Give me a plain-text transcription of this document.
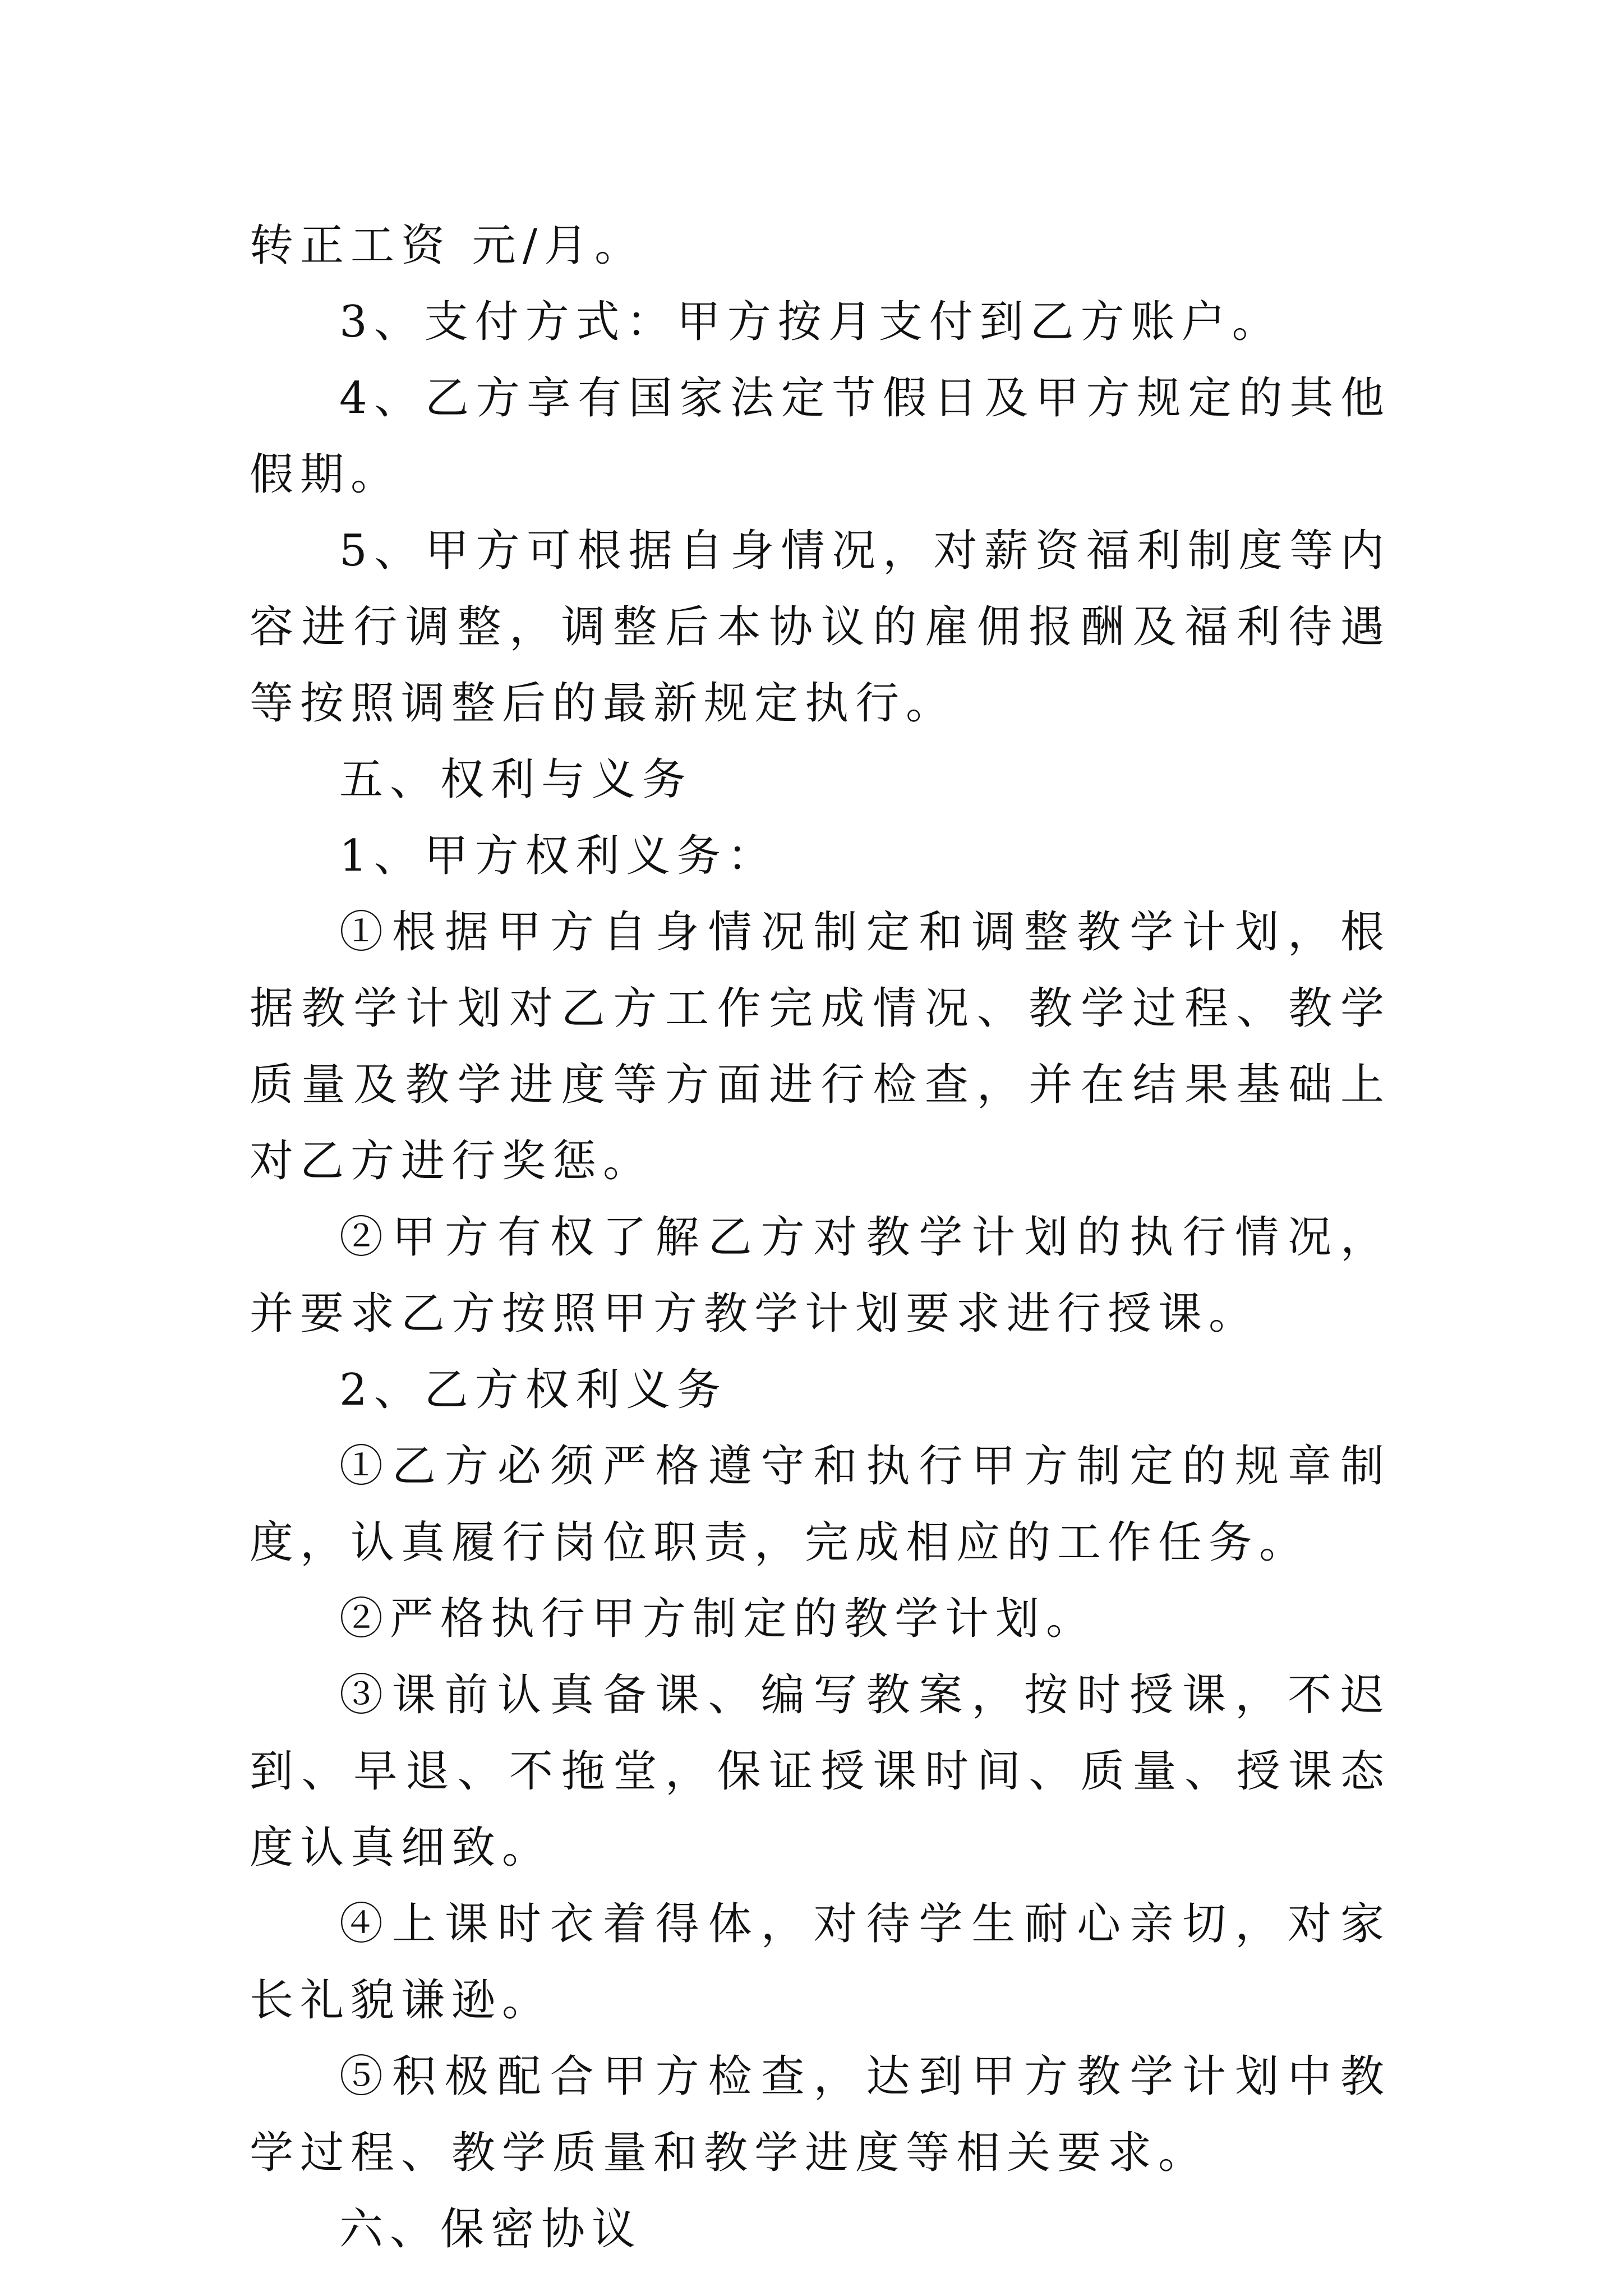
转正工资 元/月。

3、支付方式：甲方按月支付到乙方账户。

4、乙方享有国家法定节假日及甲方规定的其他假期。

5、甲方可根据自身情况，对薪资福利制度等内容进行调整，调整后本协议的雇佣报酬及福利待遇等按照调整后的最新规定执行。

五、权利与义务

1、甲方权利义务：

①根据甲方自身情况制定和调整教学计划，根据教学计划对乙方工作完成情况、教学过程、教学质量及教学进度等方面进行检查，并在结果基础上对乙方进行奖惩。

②甲方有权了解乙方对教学计划的执行情况，并要求乙方按照甲方教学计划要求进行授课。

2、乙方权利义务

①乙方必须严格遵守和执行甲方制定的规章制度，认真履行岗位职责，完成相应的工作任务。

②严格执行甲方制定的教学计划。

③课前认真备课、编写教案，按时授课，不迟到、早退、不拖堂，保证授课时间、质量、授课态度认真细致。

④上课时衣着得体，对待学生耐心亲切，对家长礼貌谦逊。

⑤积极配合甲方检查，达到甲方教学计划中教学过程、教学质量和教学进度等相关要求。

六、保密协议
